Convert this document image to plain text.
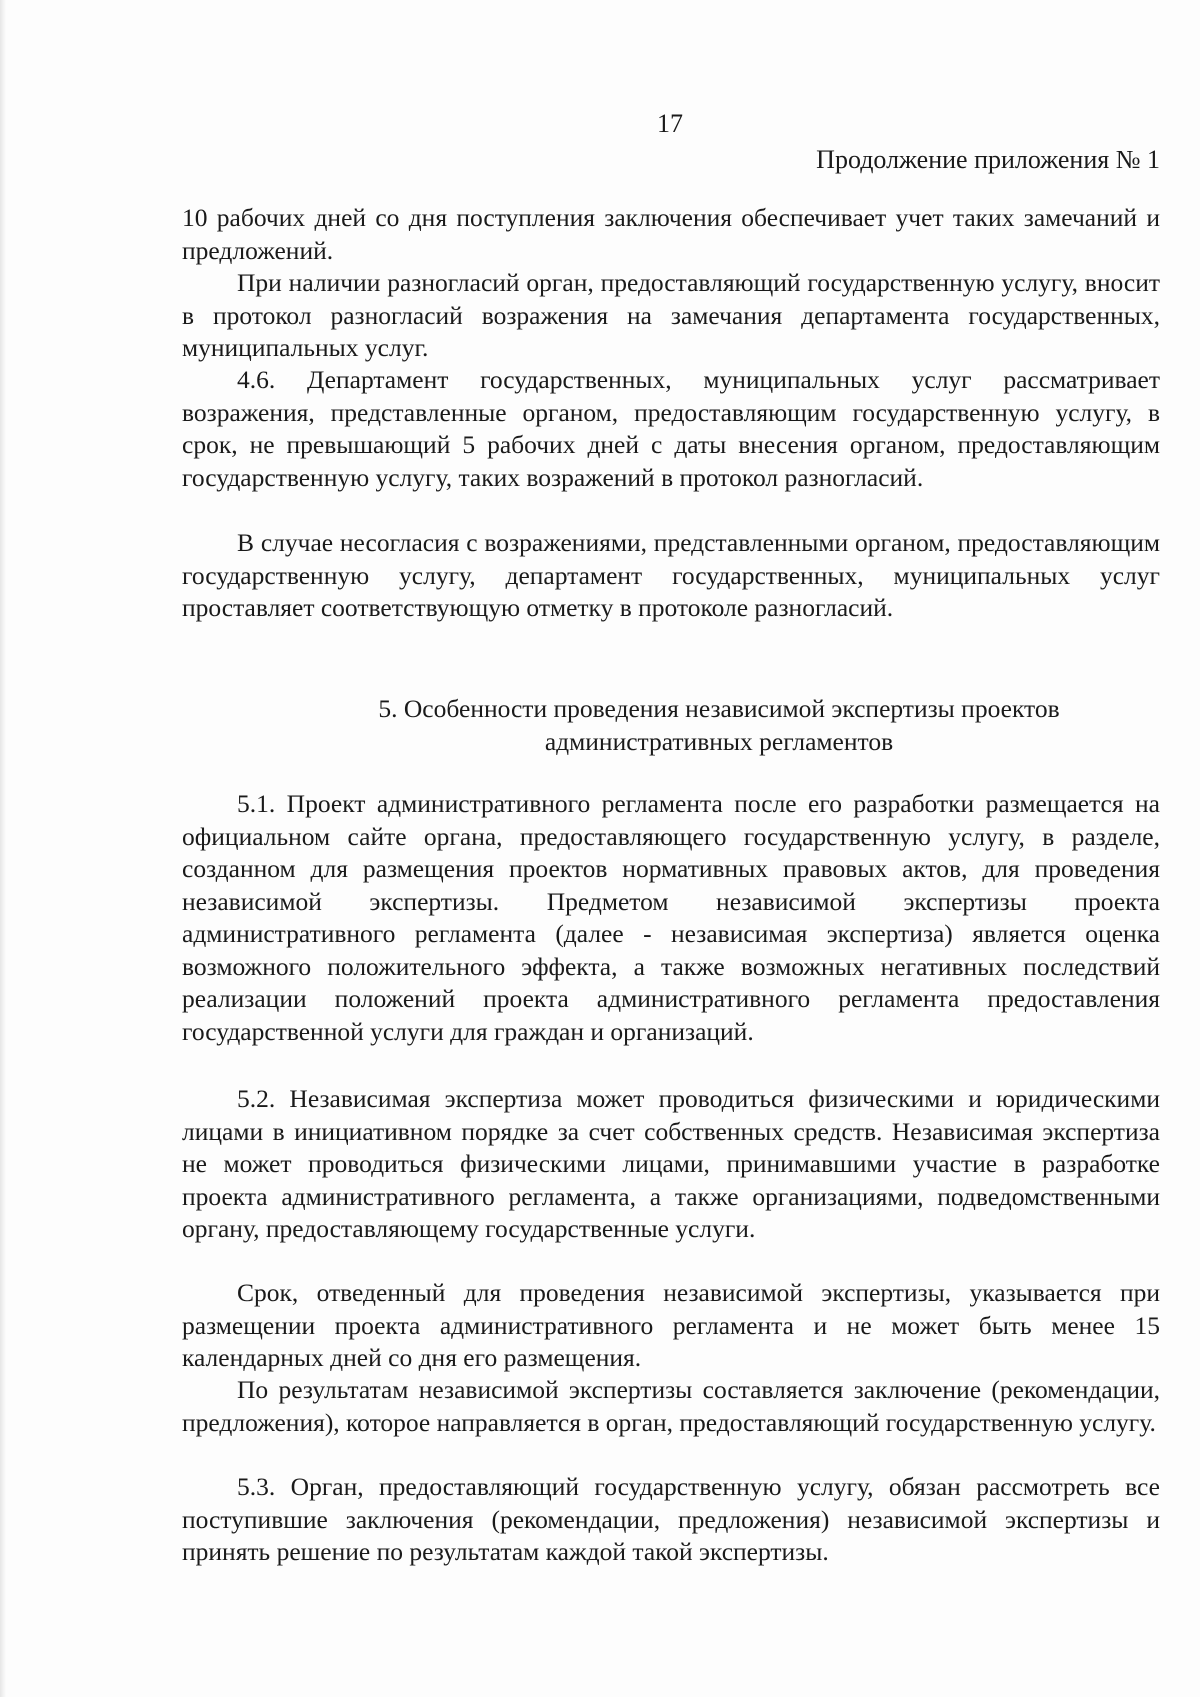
17
Продолжение приложения № 1

10 рабочих дней со дня поступления заключения обеспечивает учет таких замечаний и предложений.

При наличии разногласий орган, предоставляющий государственную услугу, вносит в протокол разногласий возражения на замечания департамента государственных, муниципальных услуг.

4.6. Департамент государственных, муниципальных услуг рассматривает возражения, представленные органом, предоставляющим государственную услугу, в срок, не превышающий 5 рабочих дней с даты внесения органом, предоставляющим государственную услугу, таких возражений в протокол разногласий.

В случае несогласия с возражениями, представленными органом, предоставляющим государственную услугу, департамент государственных, муниципальных услуг проставляет соответствующую отметку в протоколе разногласий.

5. Особенности проведения независимой экспертизы проектов
административных регламентов

5.1. Проект административного регламента после его разработки размещается на официальном сайте органа, предоставляющего государственную услугу, в разделе, созданном для размещения проектов нормативных правовых актов, для проведения независимой экспертизы. Предметом независимой экспертизы проекта административного регламента (далее - независимая экспертиза) является оценка возможного положительного эффекта, а также возможных негативных последствий реализации положений проекта административного регламента предоставления государственной услуги для граждан и организаций.

5.2. Независимая экспертиза может проводиться физическими и юридическими лицами в инициативном порядке за счет собственных средств. Независимая экспертиза не может проводиться физическими лицами, принимавшими участие в разработке проекта административного регламента, а также организациями, подведомственными органу, предоставляющему государственные услуги.

Срок, отведенный для проведения независимой экспертизы, указывается при размещении проекта административного регламента и не может быть менее 15 календарных дней со дня его размещения.

По результатам независимой экспертизы составляется заключение (рекомендации, предложения), которое направляется в орган, предоставляющий государственную услугу.

5.3. Орган, предоставляющий государственную услугу, обязан рассмотреть все поступившие заключения (рекомендации, предложения) независимой экспертизы и принять решение по результатам каждой такой экспертизы.
